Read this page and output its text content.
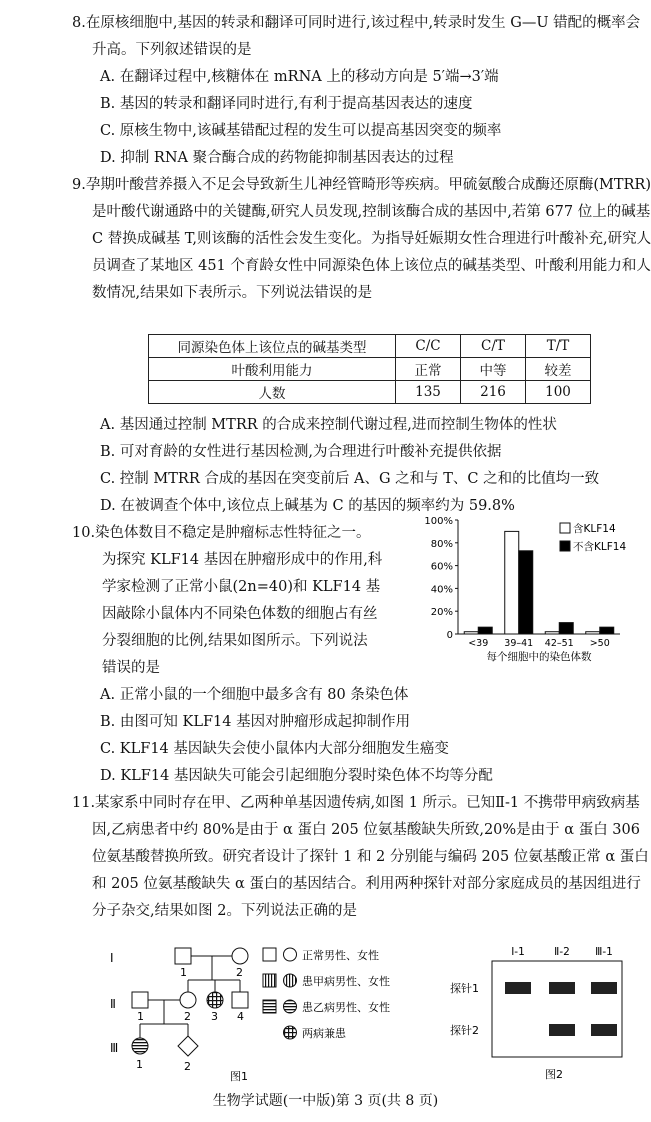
8.在原核细胞中,基因的转录和翻译可同时进行,该过程中,转录时发生 G—U 错配的概率会升高。下列叙述错误的是

A. 在翻译过程中,核糖体在 mRNA 上的移动方向是 5′端→3′端
B. 基因的转录和翻译同时进行,有利于提高基因表达的速度
C. 原核生物中,该碱基错配过程的发生可以提高基因突变的频率
D. 抑制 RNA 聚合酶合成的药物能抑制基因表达的过程

9.孕期叶酸营养摄入不足会导致新生儿神经管畸形等疾病。甲硫氨酸合成酶还原酶(MTRR)是叶酸代谢通路中的关键酶,研究人员发现,控制该酶合成的基因中,若第 677 位上的碱基 C 替换成碱基 T,则该酶的活性会发生变化。为指导妊娠期女性合理进行叶酸补充,研究人员调查了某地区 451 个育龄女性中同源染色体上该位点的碱基类型、叶酸利用能力和人数情况,结果如下表所示。下列说法错误的是

同源染色体上该位点的碱基类型	C/C	C/T	T/T
叶酸利用能力	正常	中等	较差
人数	135	216	100
A. 基因通过控制 MTRR 的合成来控制代谢过程,进而控制生物体的性状
B. 可对育龄的女性进行基因检测,为合理进行叶酸补充提供依据
C. 控制 MTRR 合成的基因在突变前后 A、G 之和与 T、C 之和的比值均一致
D. 在被调查个体中,该位点上碱基为 C 的基因的频率约为 59.8%
10.染色体数目不稳定是肿瘤标志性特征之一。
为探究 KLF14 基因在肿瘤形成中的作用,科
学家检测了正常小鼠(2n=40)和 KLF14 基
因敲除小鼠体内不同染色体数的细胞占有丝
分裂细胞的比例,结果如图所示。下列说法
错误的是
100%
80%
60%
40%
20%
0
<39 39–41 42–51 >50
每个细胞中的染色体数
含KLF14
不含KLF14
A. 正常小鼠的一个细胞中最多含有 80 条染色体
B. 由图可知 KLF14 基因对肿瘤形成起抑制作用
C. KLF14 基因缺失会使小鼠体内大部分细胞发生癌变
D. KLF14 基因缺失可能会引起细胞分裂时染色体不均等分配

11.某家系中同时存在甲、乙两种单基因遗传病,如图 1 所示。已知Ⅱ-1 不携带甲病致病基因,乙病患者中约 80%是由于 α 蛋白 205 位氨基酸缺失所致,20%是由于 α 蛋白 306 位氨基酸替换所致。研究者设计了探针 1 和 2 分别能与编码 205 位氨基酸正常 α 蛋白和 205 位氨基酸缺失 α 蛋白的基因结合。利用两种探针对部分家庭成员的基因组进行分子杂交,结果如图 2。下列说法正确的是

Ⅰ
Ⅱ
Ⅲ
1	2
1	2 3 4
1	2
正常男性、女性
患甲病男性、女性
患乙病男性、女性
两病兼患
图1
Ⅰ-1	Ⅱ-2 Ⅲ-1
探针1
探针2
图2
生物学试题(一中版)第 3 页(共 8 页)
